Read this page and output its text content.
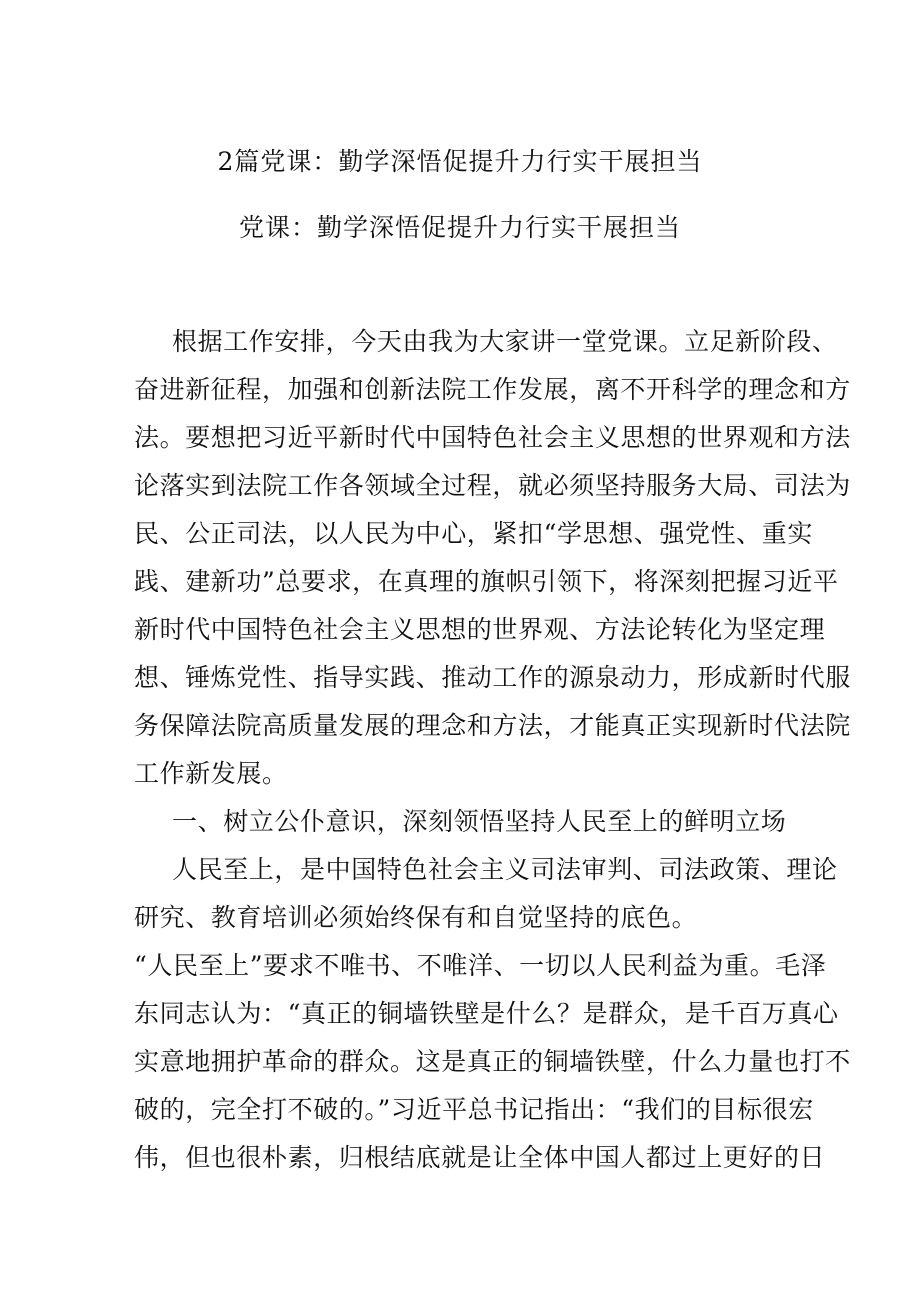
2篇党课：勤学深悟促提升力行实干展担当
党课：勤学深悟促提升力行实干展担当
根据工作安排，今天由我为大家讲一堂党课。立足新阶段、
奋进新征程，加强和创新法院工作发展，离不开科学的理念和方
法。要想把习近平新时代中国特色社会主义思想的世界观和方法
论落实到法院工作各领域全过程，就必须坚持服务大局、司法为
民、公正司法，以人民为中心，紧扣“学思想、强党性、重实
践、建新功”总要求，在真理的旗帜引领下，将深刻把握习近平
新时代中国特色社会主义思想的世界观、方法论转化为坚定理
想、锤炼党性、指导实践、推动工作的源泉动力，形成新时代服
务保障法院高质量发展的理念和方法，才能真正实现新时代法院
工作新发展。
一、树立公仆意识，深刻领悟坚持人民至上的鲜明立场
人民至上，是中国特色社会主义司法审判、司法政策、理论
研究、教育培训必须始终保有和自觉坚持的底色。
“人民至上”要求不唯书、不唯洋、一切以人民利益为重。毛泽
东同志认为：“真正的铜墙铁壁是什么？是群众，是千百万真心
实意地拥护革命的群众。这是真正的铜墙铁壁，什么力量也打不
破的，完全打不破的。”习近平总书记指出：“我们的目标很宏
伟，但也很朴素，归根结底就是让全体中国人都过上更好的日
